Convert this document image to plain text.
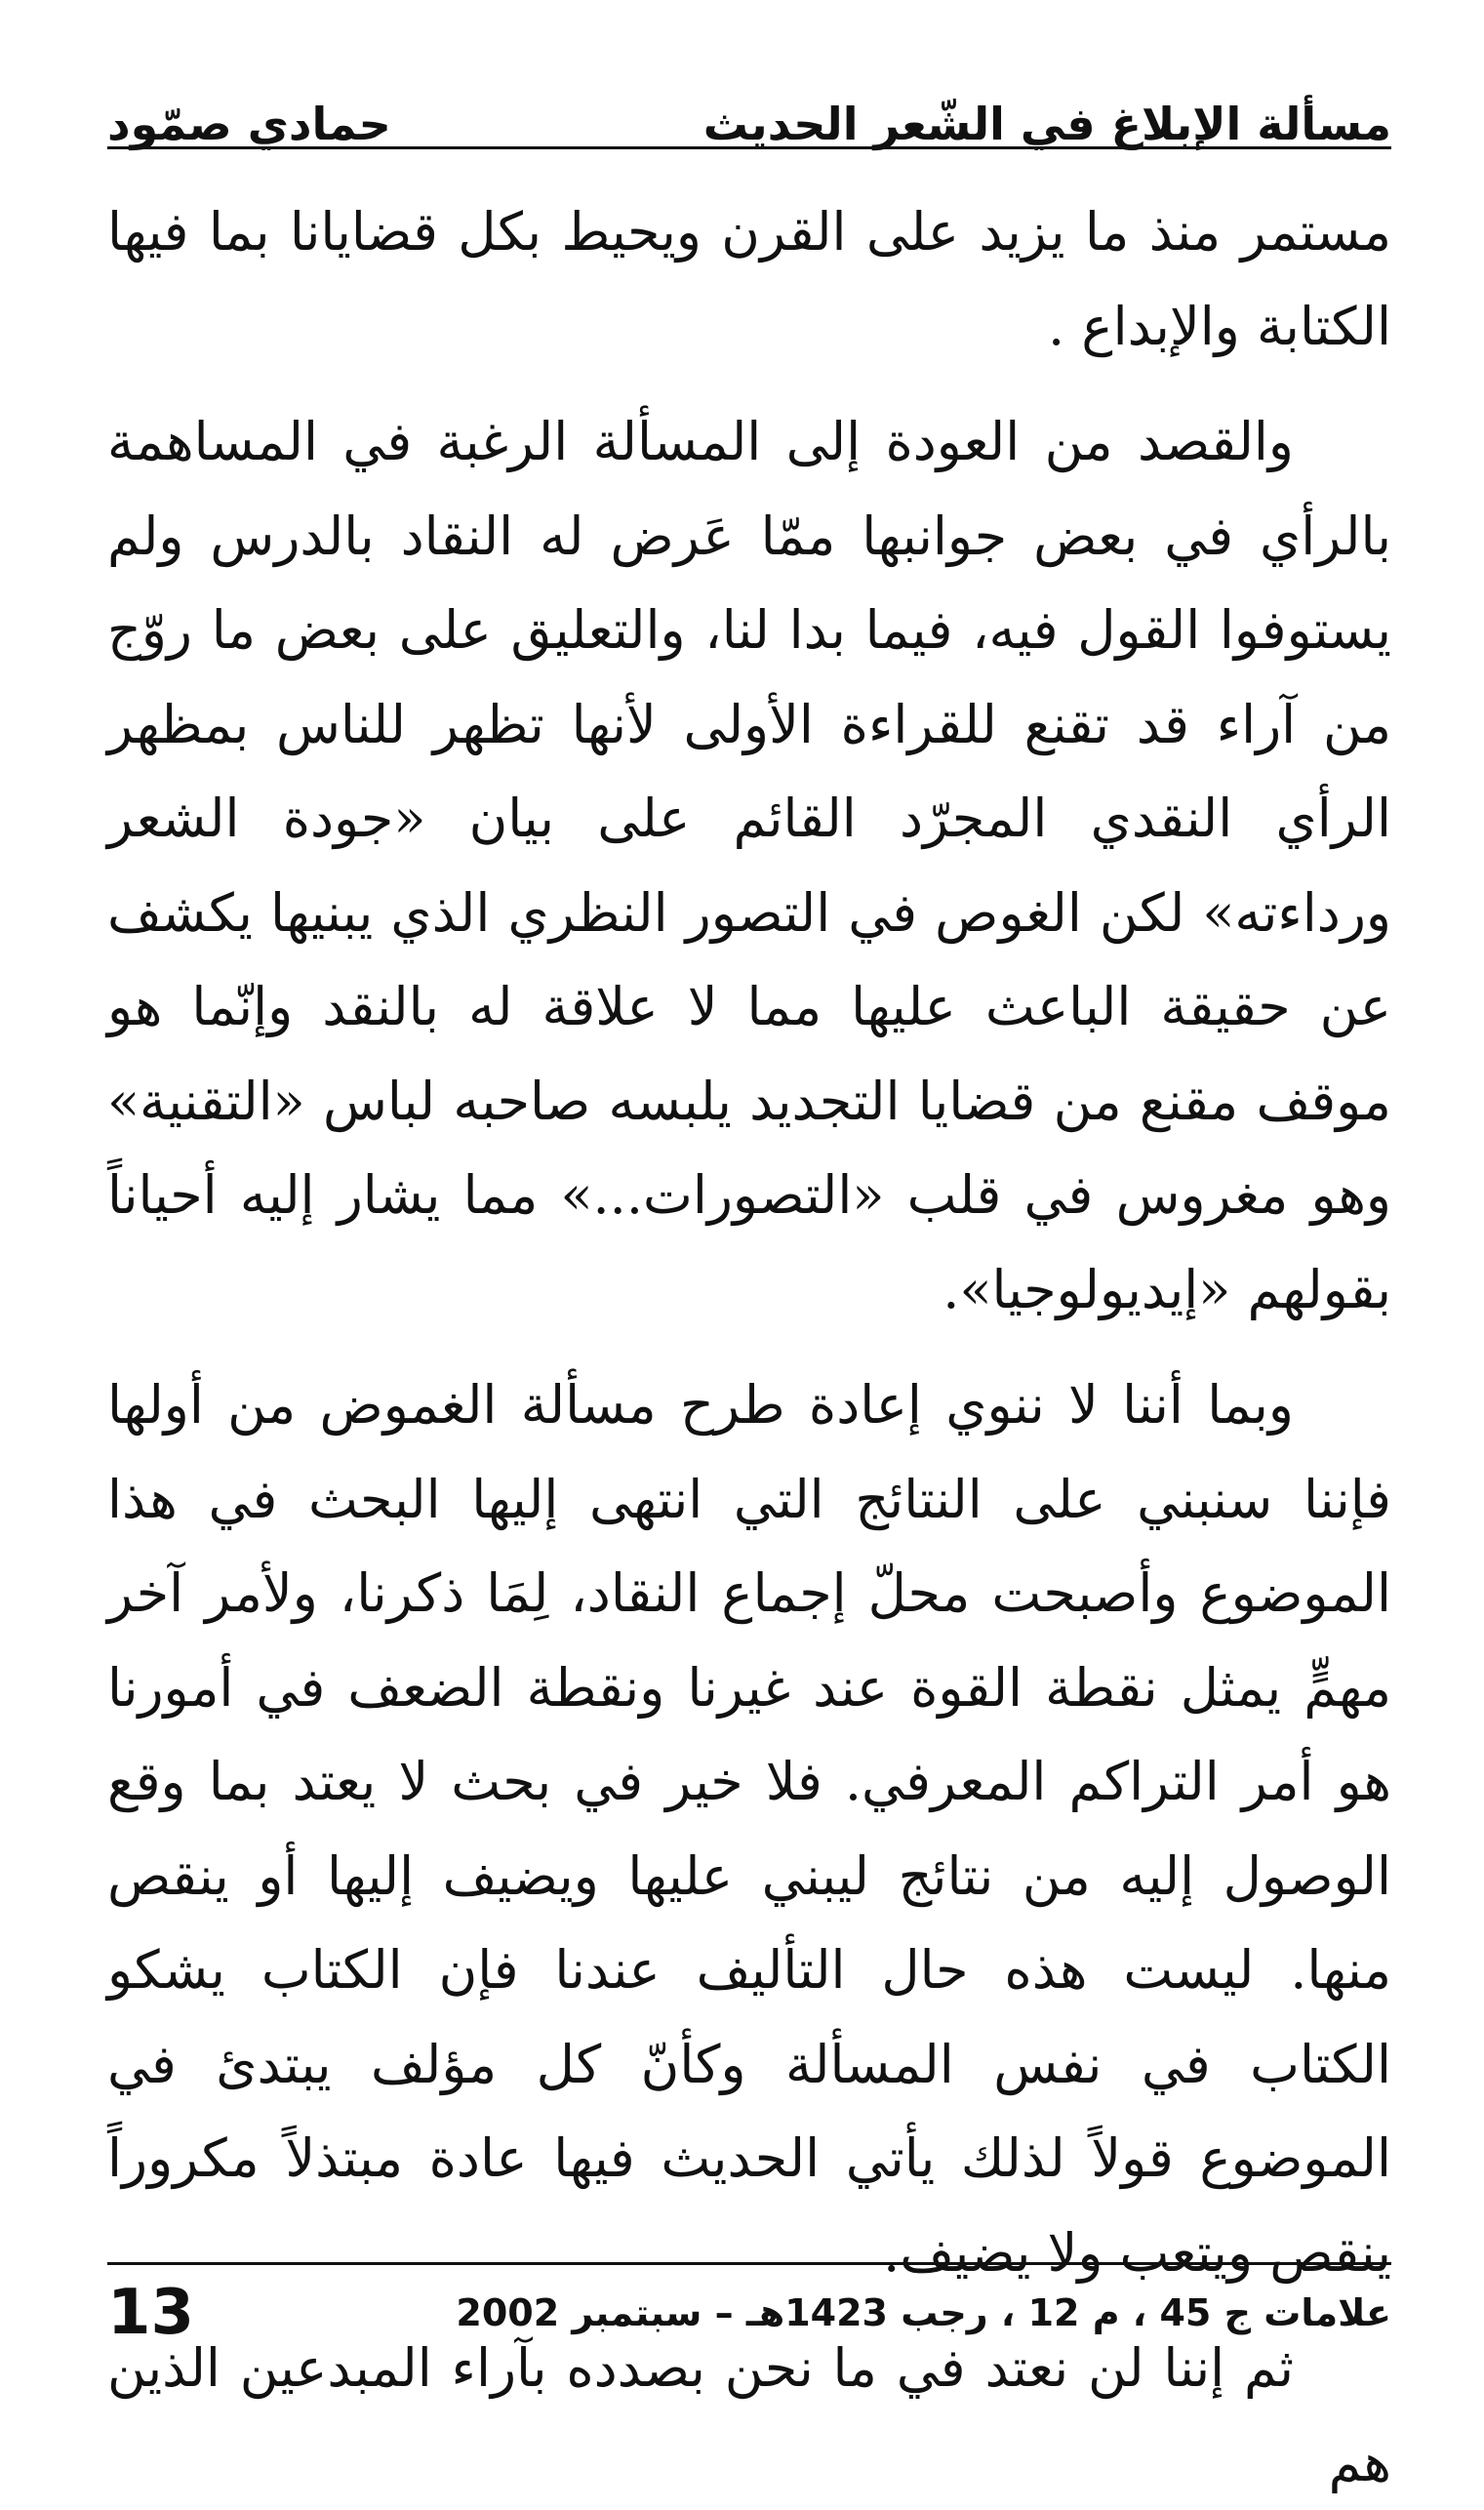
مسألة الإبلاغ في الشّعر الحديث
حمادي صمّود

مستمر منذ ما يزيد على القرن ويحيط بكل قضايانا بما فيها الكتابة والإبداع .

والقصد من العودة إلى المسألة الرغبة في المساهمة بالرأي في بعض جوانبها ممّا عَرض له النقاد بالدرس ولم يستوفوا القول فيه، فيما بدا لنا، والتعليق على بعض ما روّج من آراء قد تقنع للقراءة الأولى لأنها تظهر للناس بمظهر الرأي النقدي المجرّد القائم على بيان «جودة الشعر ورداءته» لكن الغوص في التصور النظري الذي يبنيها يكشف عن حقيقة الباعث عليها مما لا علاقة له بالنقد وإنّما هو موقف مقنع من قضايا التجديد يلبسه صاحبه لباس «التقنية» وهو مغروس في قلب «التصورات...» مما يشار إليه أحياناً بقولهم «إيديولوجيا».

وبما أننا لا ننوي إعادة طرح مسألة الغموض من أولها فإننا سنبني على النتائج التي انتهى إليها البحث في هذا الموضوع وأصبحت محلّ إجماع النقاد، لِمَا ذكرنا، ولأمر آخر مهمٍّ يمثل نقطة القوة عند غيرنا ونقطة الضعف في أمورنا هو أمر التراكم المعرفي. فلا خير في بحث لا يعتد بما وقع الوصول إليه من نتائج ليبني عليها ويضيف إليها أو ينقص منها. ليست هذه حال التأليف عندنا فإن الكتاب يشكو الكتاب في نفس المسألة وكأنّ كل مؤلف يبتدئ في الموضوع قولاً لذلك يأتي الحديث فيها عادة مبتذلاً مكروراً ينقص ويتعب ولا يضيف.

ثم إننا لن نعتد في ما نحن بصدده بآراء المبدعين الذين هم

علامات ج 45 ، م 12 ، رجب 1423هـ – سبتمبر 2002
13
